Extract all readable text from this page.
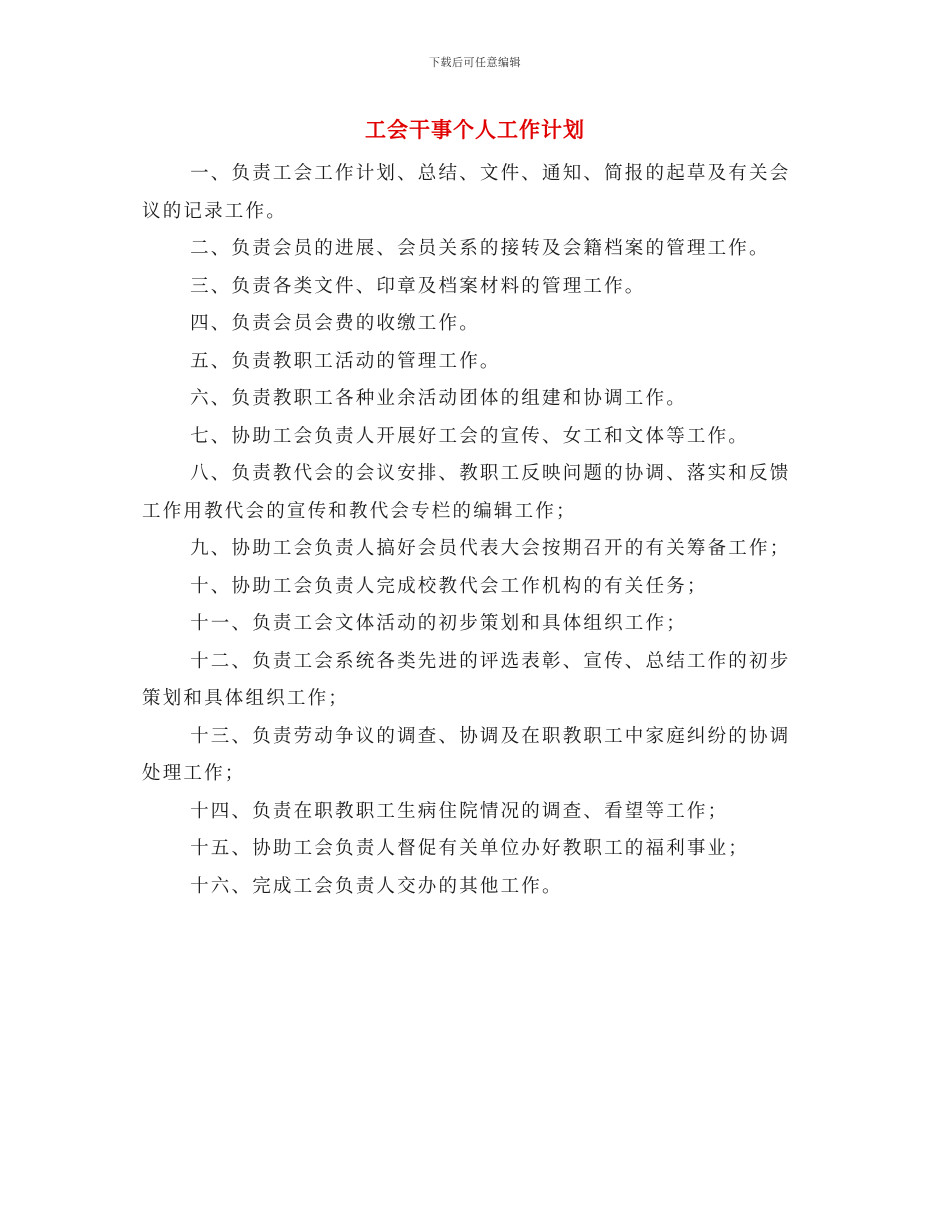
下载后可任意编辑
工会干事个人工作计划

一、负责工会工作计划、总结、文件、通知、简报的起草及有关会议的记录工作。

二、负责会员的进展、会员关系的接转及会籍档案的管理工作。

三、负责各类文件、印章及档案材料的管理工作。

四、负责会员会费的收缴工作。

五、负责教职工活动的管理工作。

六、负责教职工各种业余活动团体的组建和协调工作。

七、协助工会负责人开展好工会的宣传、女工和文体等工作。

八、负责教代会的会议安排、教职工反映问题的协调、落实和反馈工作用教代会的宣传和教代会专栏的编辑工作；

九、协助工会负责人搞好会员代表大会按期召开的有关筹备工作；

十、协助工会负责人完成校教代会工作机构的有关任务；

十一、负责工会文体活动的初步策划和具体组织工作；

十二、负责工会系统各类先进的评选表彰、宣传、总结工作的初步策划和具体组织工作；

十三、负责劳动争议的调查、协调及在职教职工中家庭纠纷的协调处理工作；

十四、负责在职教职工生病住院情况的调查、看望等工作；

十五、协助工会负责人督促有关单位办好教职工的福利事业；

十六、完成工会负责人交办的其他工作。
